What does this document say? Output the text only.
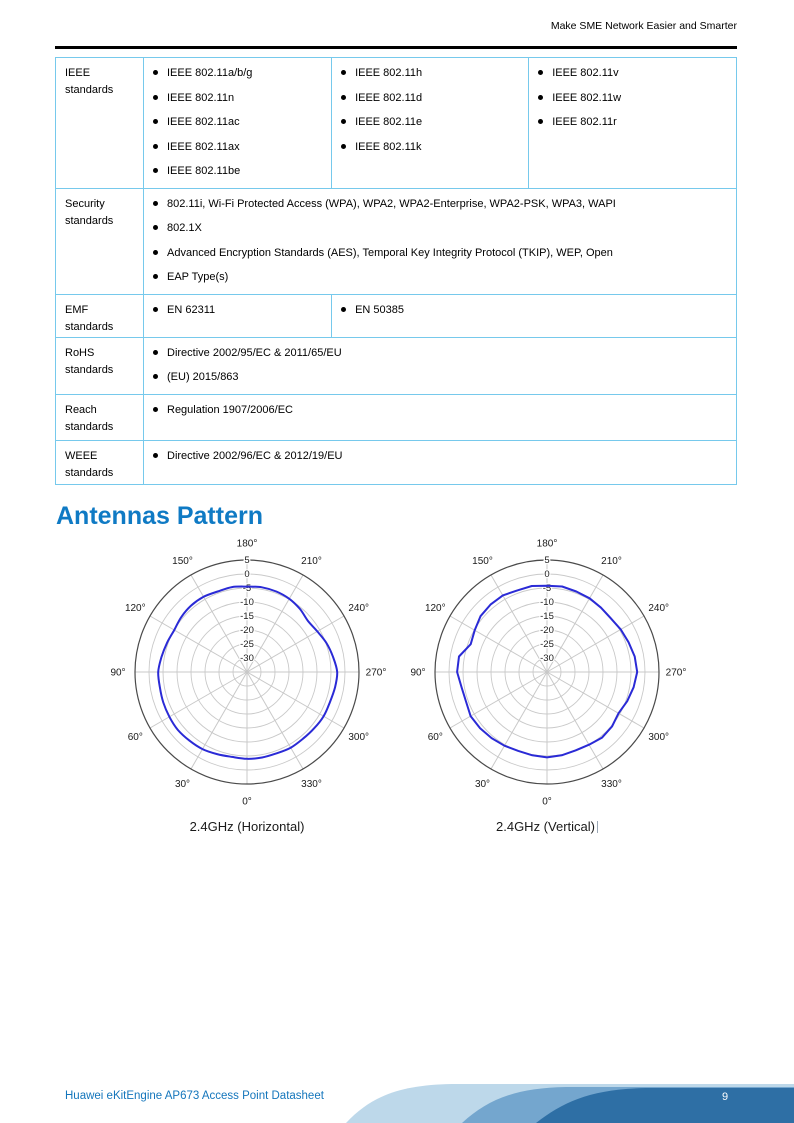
Make SME Network Easier and Smarter
IEEE standards
IEEE 802.11a/b/g
IEEE 802.11n
IEEE 802.11ac
IEEE 802.11ax
IEEE 802.11be
IEEE 802.11h
IEEE 802.11d
IEEE 802.11e
IEEE 802.11k
IEEE 802.11v
IEEE 802.11w
IEEE 802.11r
Security standards
802.11i, Wi-Fi Protected Access (WPA), WPA2, WPA2-Enterprise, WPA2-PSK, WPA3, WAPI
802.1X
Advanced Encryption Standards (AES), Temporal Key Integrity Protocol (TKIP), WEP, Open
EAP Type(s)
EMF standards
EN 62311	EN 50385
RoHS standards
Directive 2002/95/EC & 2011/65/EU
(EU) 2015/863
Reach standards
Regulation 1907/2006/EC
WEEE standards
Directive 2002/96/EC & 2012/19/EU
Antennas Pattern
0°
30°
60°
90°
120°
150°
180°
210°
240°
270°
300°
330°
5
0
-5
-10
-15
-20
-25
-30
2.4GHz (Horizontal)
0°
30°
60°
90°
120°
150°
180°
210°
240°
270°
300°
330°
5
0
-5
-10
-15
-20
-25
-30
2.4GHz (Vertical)
Huawei eKitEngine AP673 Access Point Datasheet	9
